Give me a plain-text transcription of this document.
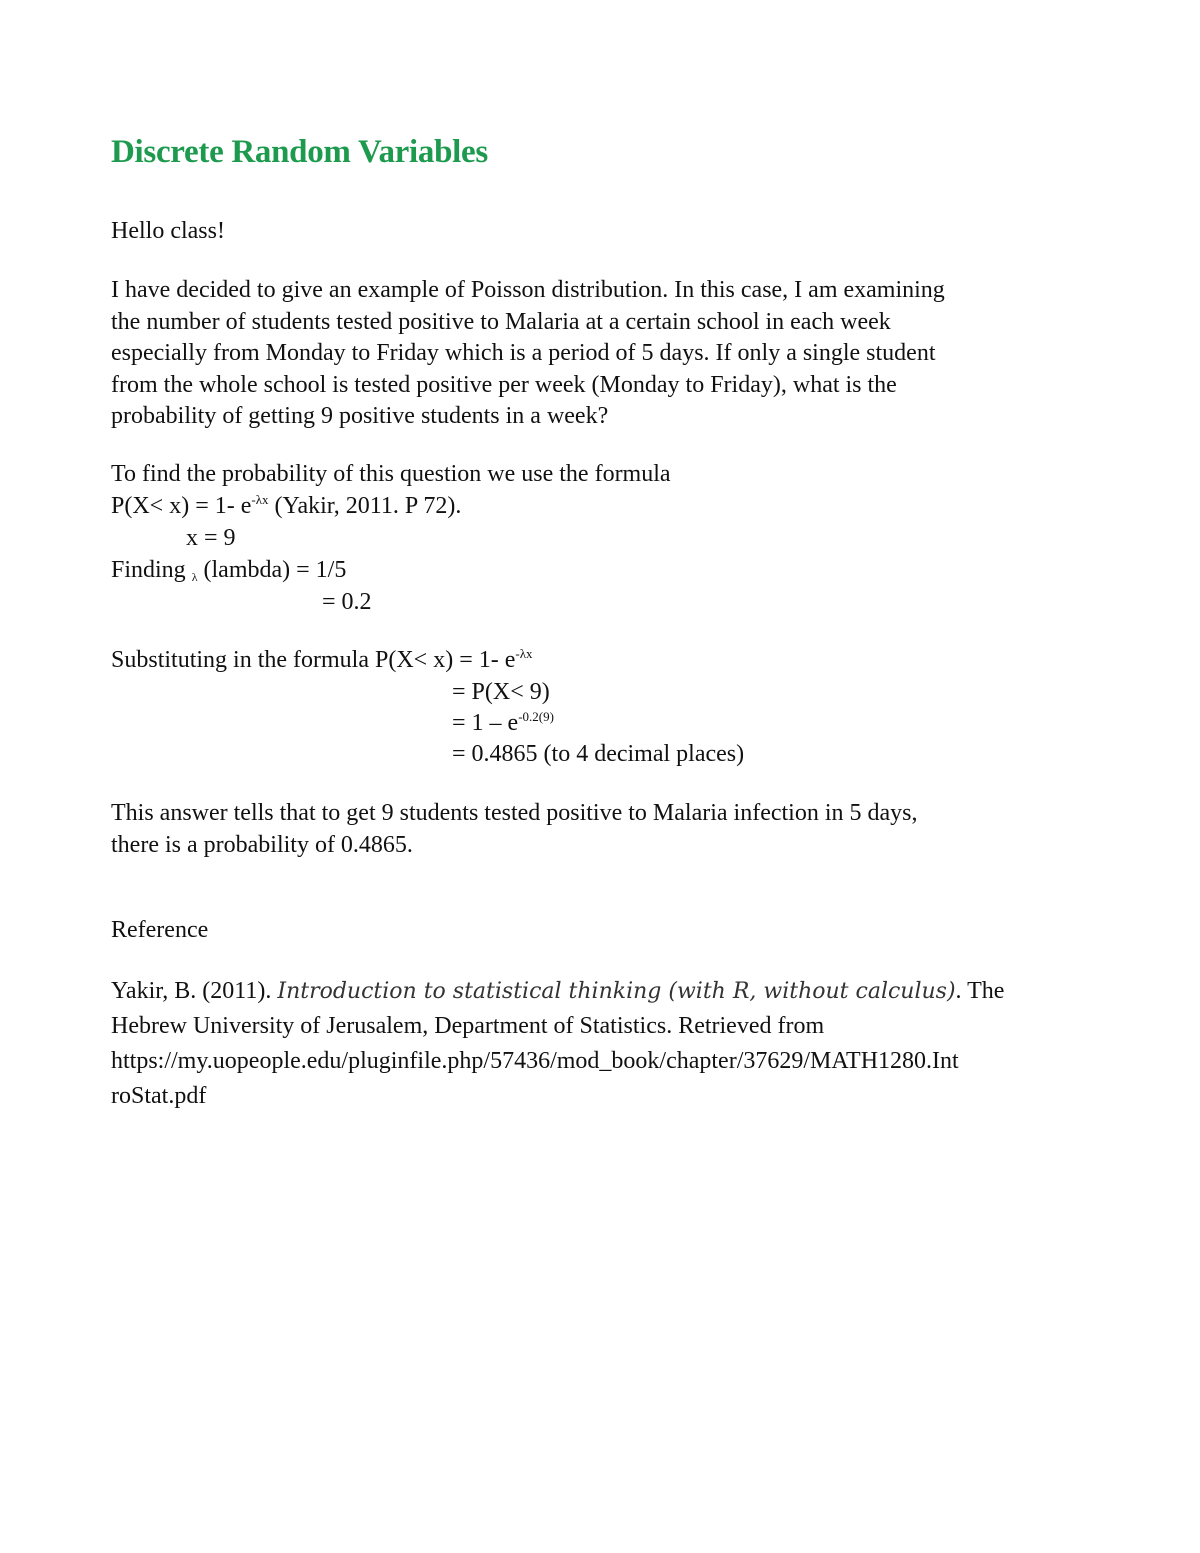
Discrete Random Variables
Hello class!

I have decided to give an example of Poisson distribution. In this case, I am examining

the number of students tested positive to Malaria at a certain school in each week

especially from Monday to Friday which is a period of 5 days. If only a single student

from the whole school is tested positive per week (Monday to Friday), what is the

probability of getting 9 positive students in a week?

To find the probability of this question we use the formula
P(X< x) = 1- $e^{-\lambda x}$ (Yakir, 2011. P 72).
x = 9
Finding $_\lambda$ (lambda) = 1/5
= 0.2
Substituting in the formula P(X< x) = 1- $e^{-\lambda x}$
= P(X< 9)
= $1 - e^{-0.2(9)}$
= 0.4865 (to 4 decimal places)

This answer tells that to get 9 students tested positive to Malaria infection in 5 days,

there is a probability of 0.4865.

Reference

Yakir, B. (2011). Introduction to statistical thinking (with R, without calculus). The

Hebrew University of Jerusalem, Department of Statistics. Retrieved from

https://my.uopeople.edu/pluginfile.php/57436/mod_book/chapter/37629/MATH1280.Int

roStat.pdf
